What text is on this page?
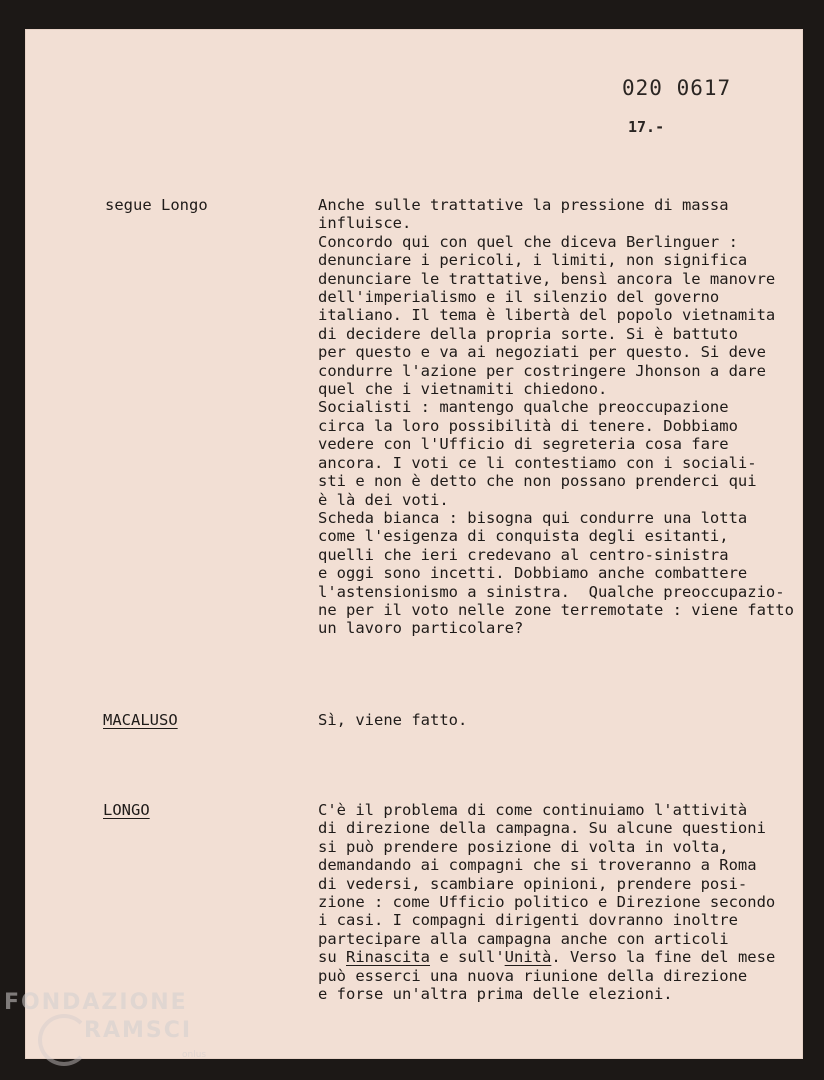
020 0617
17.-
segue Longo	Anche sulle trattative la pressione di massa
influisce.
Concordo qui con quel che diceva Berlinguer :
denunciare i pericoli, i limiti, non significa
denunciare le trattative, bensì ancora le manovre
dell'imperialismo e il silenzio del governo
italiano. Il tema è libertà del popolo vietnamita
di decidere della propria sorte. Si è battuto
per questo e va ai negoziati per questo. Si deve
condurre l'azione per costringere Jhonson a dare
quel che i vietnamiti chiedono.
Socialisti : mantengo qualche preoccupazione
circa la loro possibilità di tenere. Dobbiamo
vedere con l'Ufficio di segreteria cosa fare
ancora. I voti ce li contestiamo con i sociali-
sti e non è detto che non possano prenderci qui
è là dei voti.
Scheda bianca : bisogna qui condurre una lotta
come l'esigenza di conquista degli esitanti,
quelli che ieri credevano al centro-sinistra
e oggi sono incetti. Dobbiamo anche combattere
l'astensionismo a sinistra.  Qualche preoccupazio-
ne per il voto nelle zone terremotate : viene fatto
un lavoro particolare?
MACALUSO	Sì, viene fatto.
LONGO	C'è il problema di come continuiamo l'attività
di direzione della campagna. Su alcune questioni
si può prendere posizione di volta in volta,
demandando ai compagni che si troveranno a Roma
di vedersi, scambiare opinioni, prendere posi-
zione : come Ufficio politico e Direzione secondo
i casi. I compagni dirigenti dovranno inoltre
partecipare alla campagna anche con articoli
su Rinascita e sull'Unità. Verso la fine del mese
può esserci una nuova riunione della direzione
e forse un'altra prima delle elezioni.
FONDAZIONE
RAMSCI
onlus
